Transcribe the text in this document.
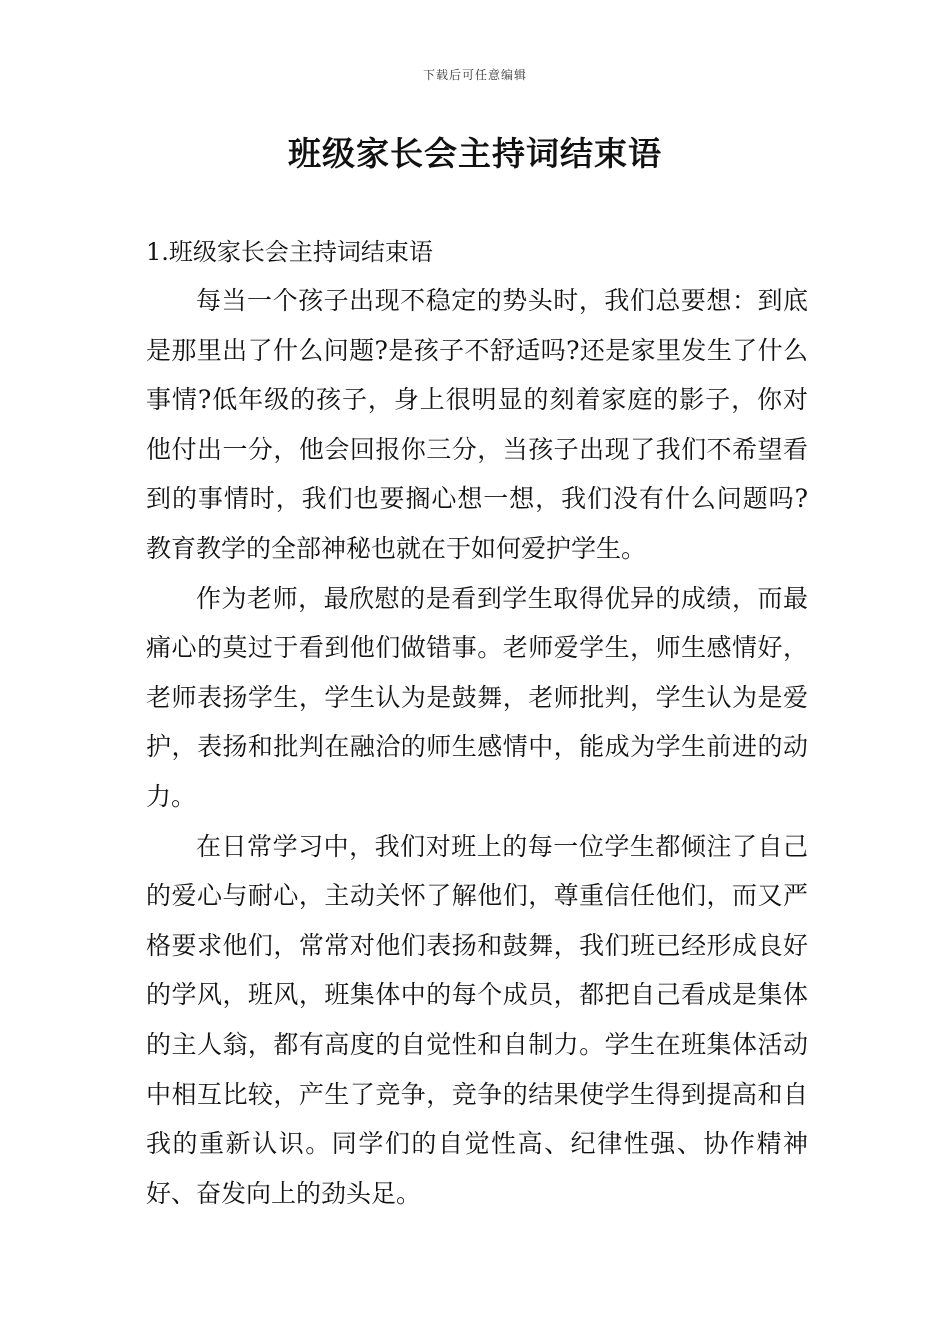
下载后可任意编辑
班级家长会主持词结束语
1.班级家长会主持词结束语

每当一个孩子出现不稳定的势头时，我们总要想：到底是那里出了什么问题?是孩子不舒适吗?还是家里发生了什么事情?低年级的孩子，身上很明显的刻着家庭的影子，你对他付出一分，他会回报你三分，当孩子出现了我们不希望看到的事情时，我们也要搁心想一想，我们没有什么问题吗?教育教学的全部神秘也就在于如何爱护学生。

作为老师，最欣慰的是看到学生取得优异的成绩，而最痛心的莫过于看到他们做错事。老师爱学生，师生感情好，老师表扬学生，学生认为是鼓舞，老师批判，学生认为是爱护，表扬和批判在融洽的师生感情中，能成为学生前进的动力。

在日常学习中，我们对班上的每一位学生都倾注了自己的爱心与耐心，主动关怀了解他们，尊重信任他们，而又严格要求他们，常常对他们表扬和鼓舞，我们班已经形成良好的学风，班风，班集体中的每个成员，都把自己看成是集体的主人翁，都有高度的自觉性和自制力。学生在班集体活动中相互比较，产生了竞争，竞争的结果使学生得到提高和自我的重新认识。同学们的自觉性高、纪律性强、协作精神好、奋发向上的劲头足。
